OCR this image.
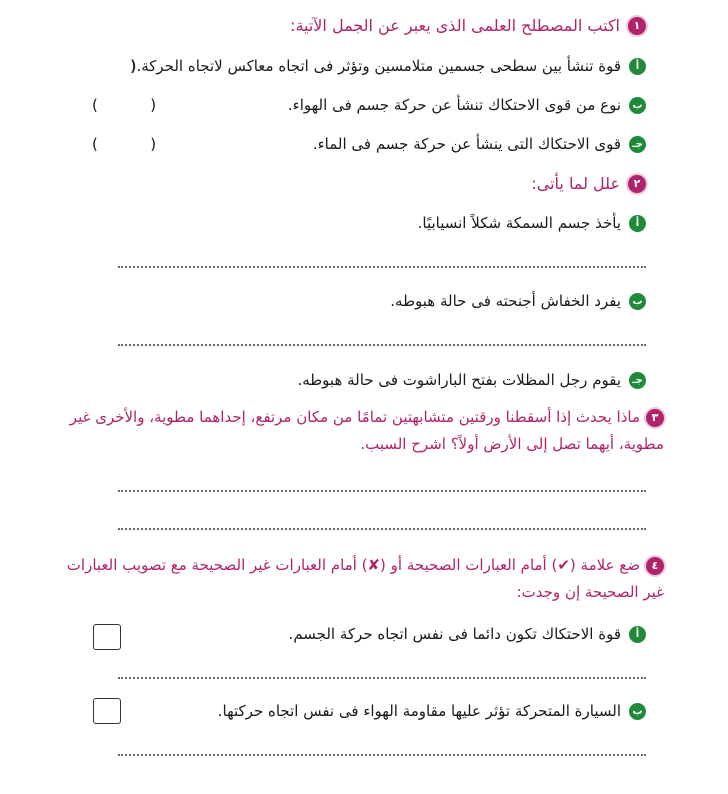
١
اكتب المصطلح العلمى الذى يعبر عن الجمل الآتية:
أ
قوة تنشأ بين سطحى جسمين متلامسين وتؤثر فى اتجاه معاكس لاتجاه الحركة.(
)
ب
نوع من قوى الاحتكاك تنشأ عن حركة جسم فى الهواء.
(           )
جـ
قوى الاحتكاك التى ينشأ عن حركة جسم فى الماء.
(           )
٢
علل لما يأتى:
أ
يأخذ جسم السمكة شكلاً انسيابيًا.
ب
يفرد الخفاش أجنحته فى حالة هبوطه.
جـ
يقوم رجل المظلات بفتح الباراشوت فى حالة هبوطه.
٣ماذا يحدث إذا أسقطنا ورقتين متشابهتين تمامًا من مكان مرتفع، إحداهما مطوية، والأخرى غير مطوية، أيهما تصل إلى الأرض أولاً؟ اشرح السبب.
٤ضع علامة (✔) أمام العبارات الصحيحة أو (✘) أمام العبارات غير الصحيحة مع تصويب العبارات غير الصحيحة إن وجدت:
أ
قوة الاحتكاك تكون دائما فى نفس اتجاه حركة الجسم.
ب
السيارة المتحركة تؤثر عليها مقاومة الهواء فى نفس اتجاه حركتها.
